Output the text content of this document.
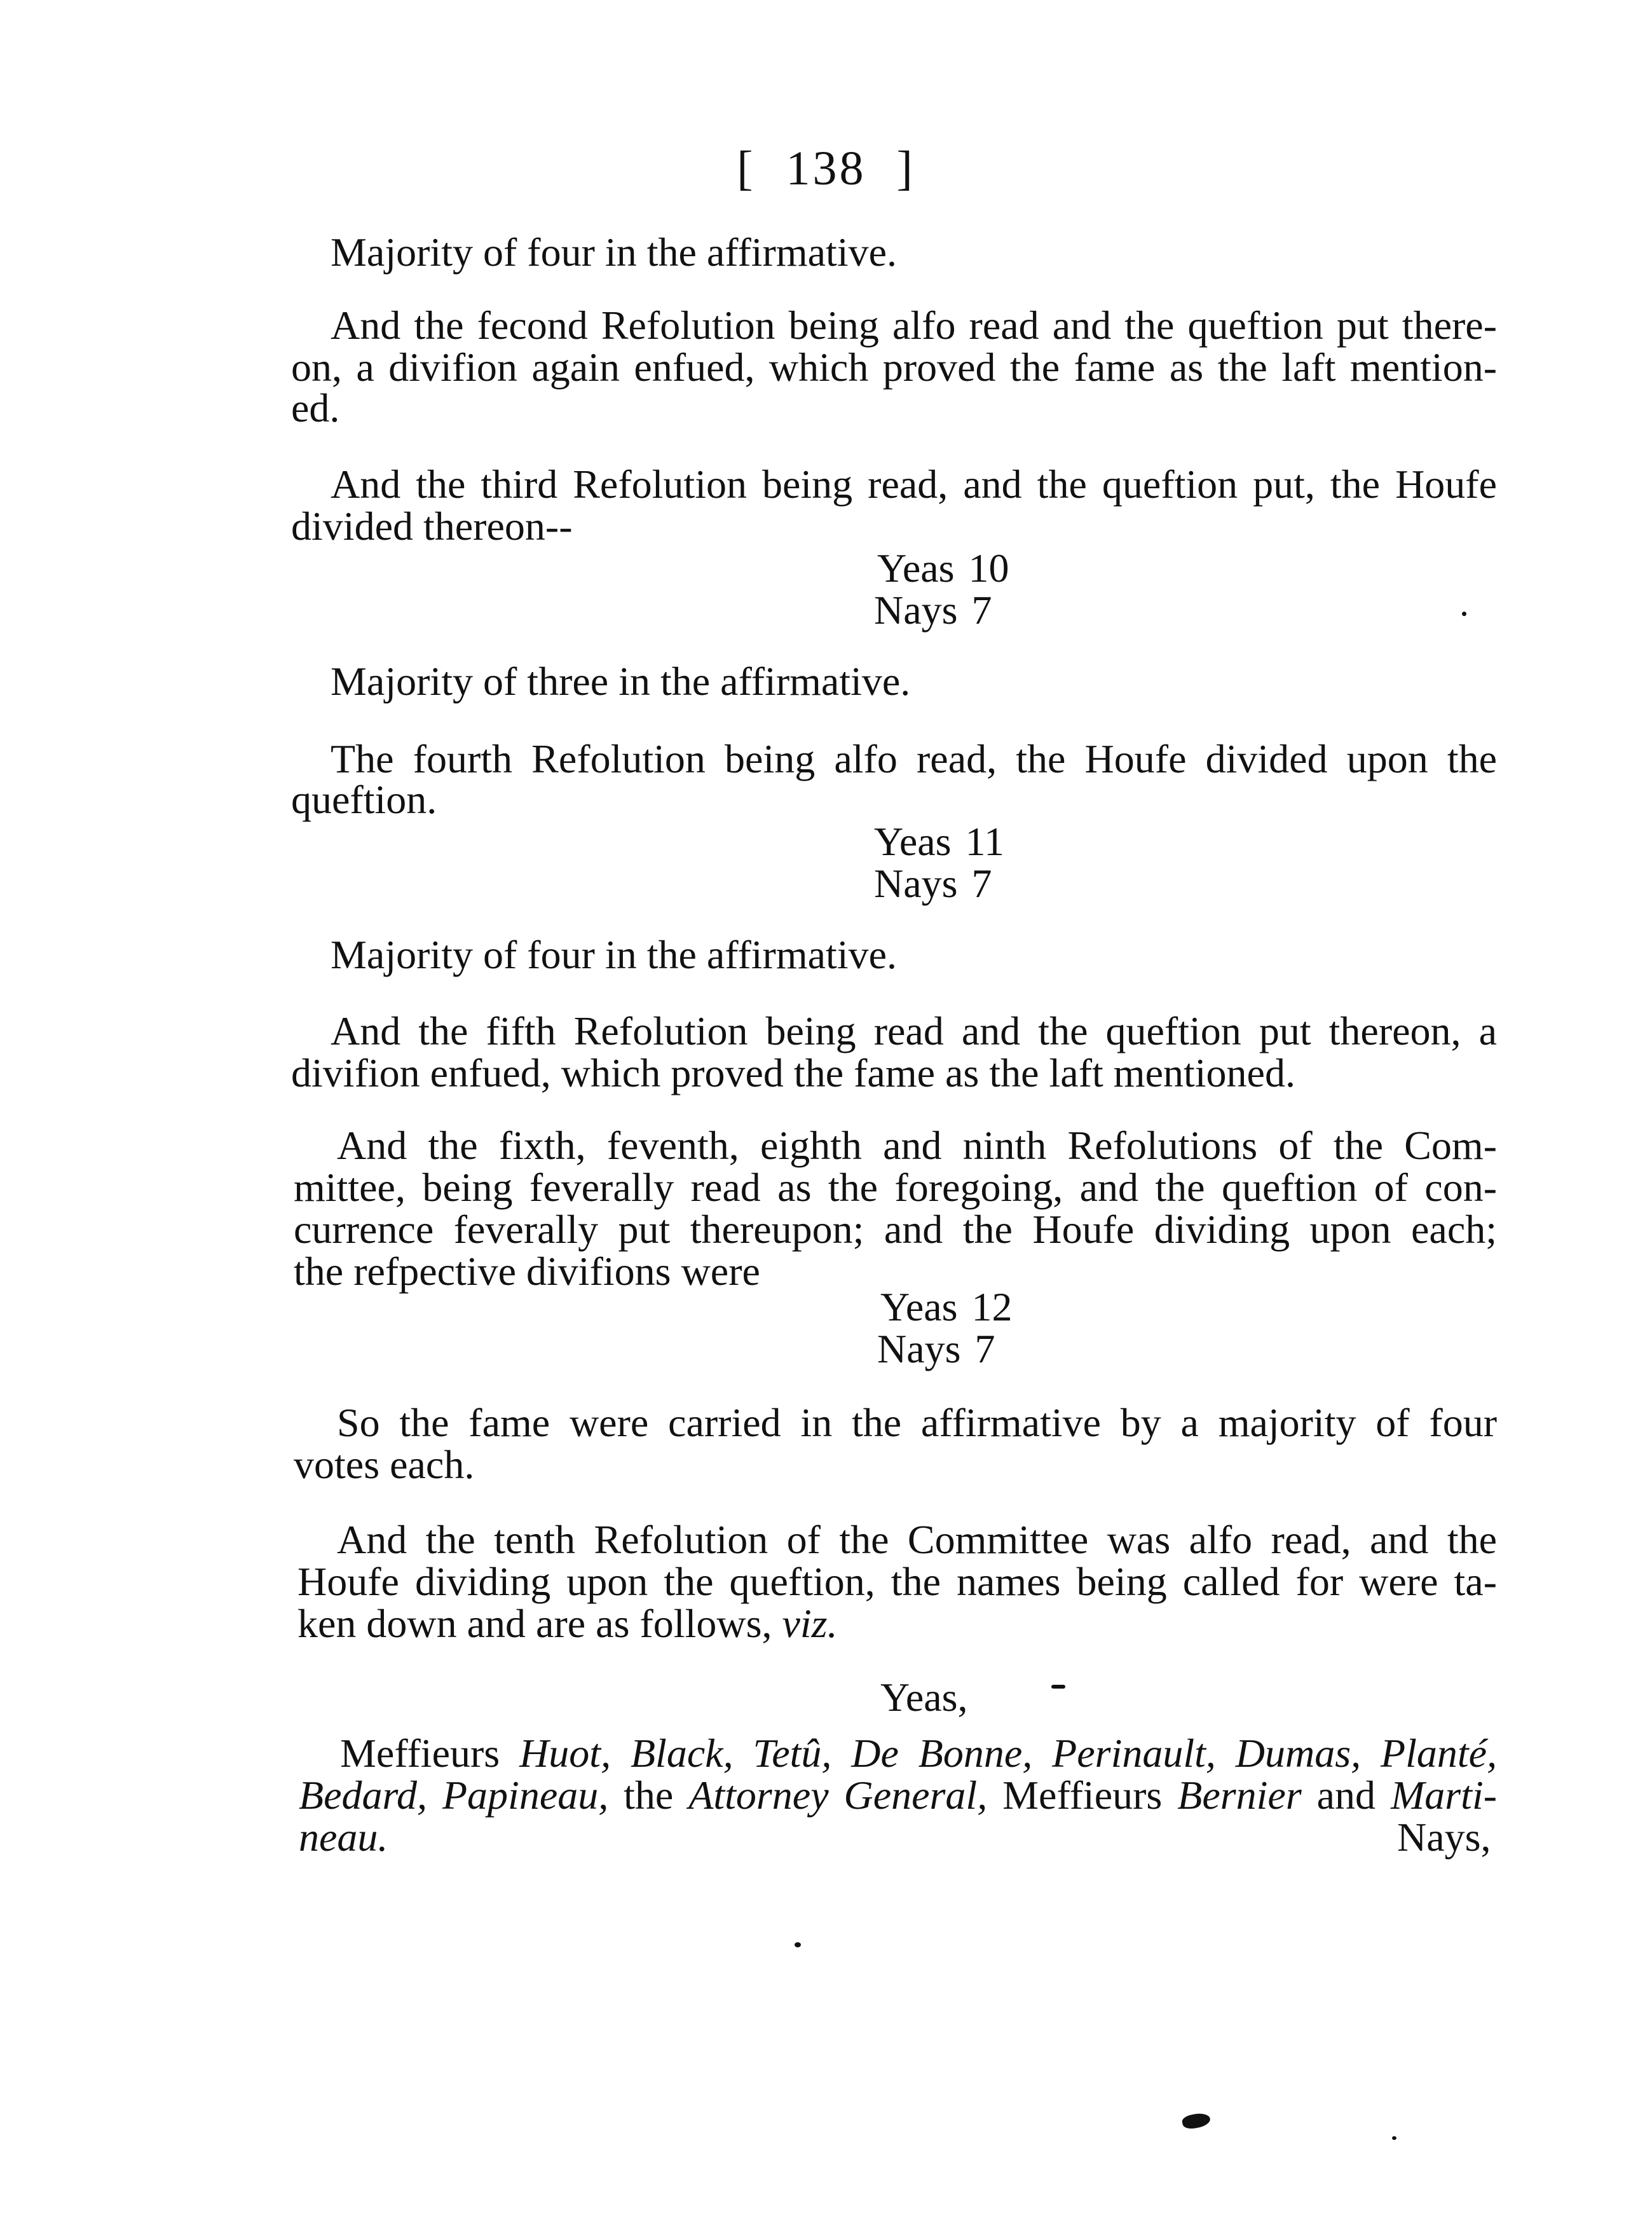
[ 138 ]
Majority of four in the affirmative.
And the fecond Refolution being alfo read and the queftion put there-
on, a divifion again enfued, which proved the fame as the laft mention-
ed.
And the third Refolution being read, and the queftion put, the Houfe
divided thereon--
Yeas 10
Nays 7
Majority of three in the affirmative.
The fourth Refolution being alfo read, the Houfe divided upon the
queftion.
Yeas 11
Nays 7
Majority of four in the affirmative.
And the fifth Refolution being read and the queftion put thereon, a
divifion enfued, which proved the fame as the laft mentioned.
And the fixth, feventh, eighth and ninth Refolutions of the Com-
mittee, being feverally read as the foregoing, and the queftion of con-
currence feverally put thereupon; and the Houfe dividing upon each;
the refpective divifions were
Yeas 12
Nays 7
So the fame were carried in the affirmative by a majority of four
votes each.
And the tenth Refolution of the Committee was alfo read, and the
Houfe dividing upon the queftion, the names being called for were ta-
ken down and are as follows, viz.
Yeas,
Meffieurs Huot, Black, Tetû, De Bonne, Perinault, Dumas, Planté,
Bedard, Papineau, the Attorney General, Meffieurs Bernier and Marti-
neau.	Nays,
